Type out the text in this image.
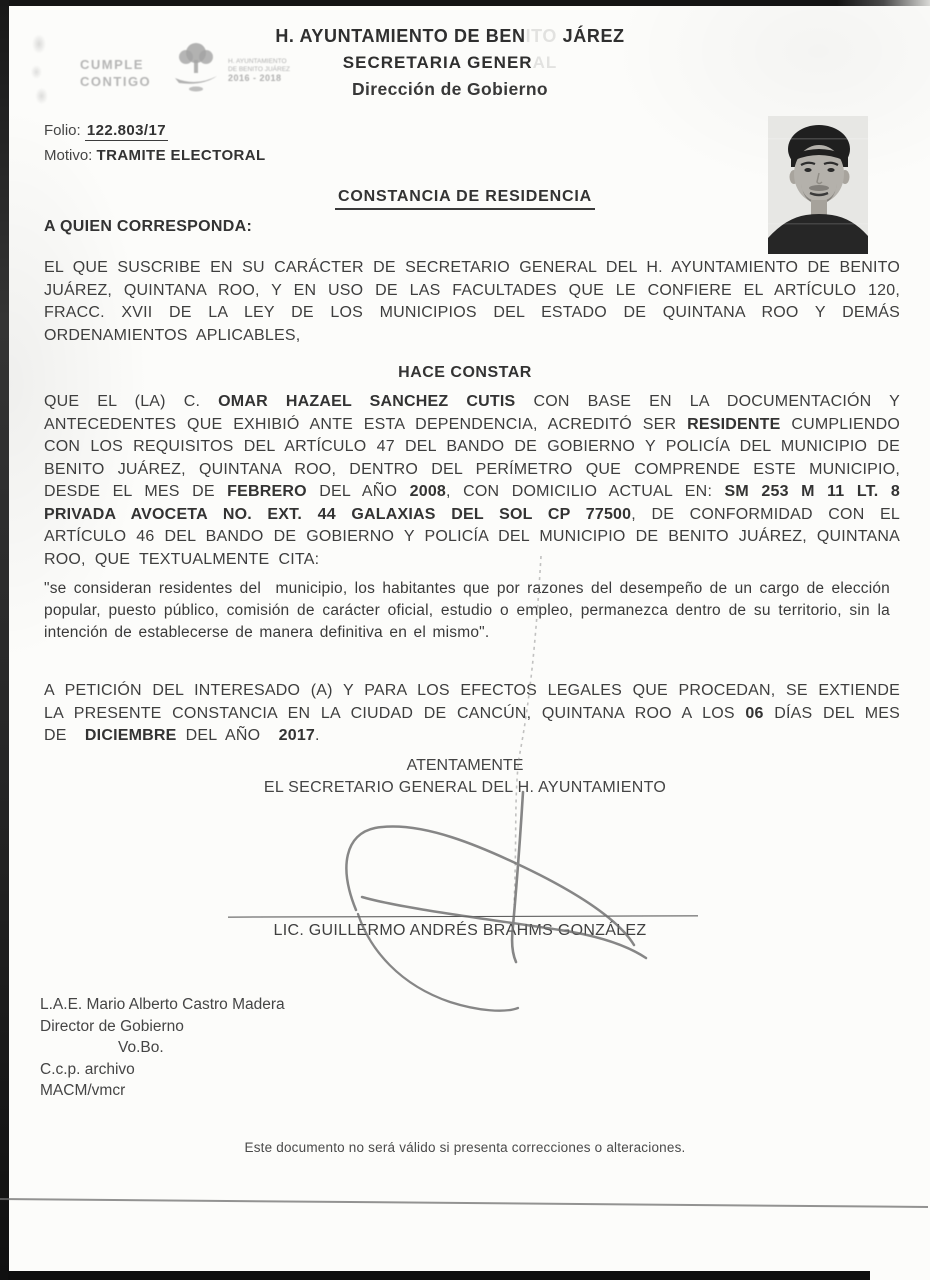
CUMPLE
CONTIGO
H. AYUNTAMIENTO
DE BENITO JUÁREZ
2016 - 2018
H. AYUNTAMIENTO DE BENITO JÁREZ
SECRETARIA GENERAL
Dirección de Gobierno
Folio: 122.803/17
Motivo: TRAMITE ELECTORAL
CONSTANCIA DE RESIDENCIA
A QUIEN CORRESPONDA:
EL QUE SUSCRIBE EN SU CARÁCTER DE SECRETARIO GENERAL DEL H. AYUNTAMIENTO DE BENITO JUÁREZ, QUINTANA ROO, Y EN USO DE LAS FACULTADES QUE LE CONFIERE EL ARTÍCULO 120, FRACC. XVII DE LA LEY DE LOS MUNICIPIOS DEL ESTADO DE QUINTANA ROO Y DEMÁS ORDENAMIENTOS APLICABLES,
HACE CONSTAR
QUE EL (LA) C. OMAR HAZAEL SANCHEZ CUTIS CON BASE EN LA DOCUMENTACIÓN Y ANTECEDENTES QUE EXHIBIÓ ANTE ESTA DEPENDENCIA, ACREDITÓ SER RESIDENTE CUMPLIENDO CON LOS REQUISITOS DEL ARTÍCULO 47 DEL BANDO DE GOBIERNO Y POLICÍA DEL MUNICIPIO DE BENITO JUÁREZ, QUINTANA ROO, DENTRO DEL PERÍMETRO QUE COMPRENDE ESTE MUNICIPIO, DESDE EL MES DE FEBRERO DEL AÑO 2008, CON DOMICILIO ACTUAL EN: SM 253 M 11 LT. 8 PRIVADA AVOCETA NO. EXT. 44 GALAXIAS DEL SOL CP 77500, DE CONFORMIDAD CON EL ARTÍCULO 46 DEL BANDO DE GOBIERNO Y POLICÍA DEL MUNICIPIO DE BENITO JUÁREZ, QUINTANA ROO, QUE TEXTUALMENTE CITA:
"se consideran residentes del  municipio, los habitantes que por razones del desempeño de un cargo de elección popular, puesto público, comisión de carácter oficial, estudio o empleo, permanezca dentro de su territorio, sin la intención de establecerse de manera definitiva en el mismo".
A PETICIÓN DEL INTERESADO (A) Y PARA LOS EFECTOS LEGALES QUE PROCEDAN, SE EXTIENDE LA PRESENTE CONSTANCIA EN LA CIUDAD DE CANCÚN, QUINTANA ROO A LOS 06 DÍAS DEL MES DE  DICIEMBRE DEL AÑO  2017.
ATENTAMENTE
EL SECRETARIO GENERAL DEL H. AYUNTAMIENTO
LIC. GUILLERMO ANDRÉS BRAHMS GONZÁLEZ
L.A.E. Mario Alberto Castro Madera
Director de Gobierno
Vo.Bo.
C.c.p. archivo
MACM/vmcr
Este documento no será válido si presenta correcciones o alteraciones.
